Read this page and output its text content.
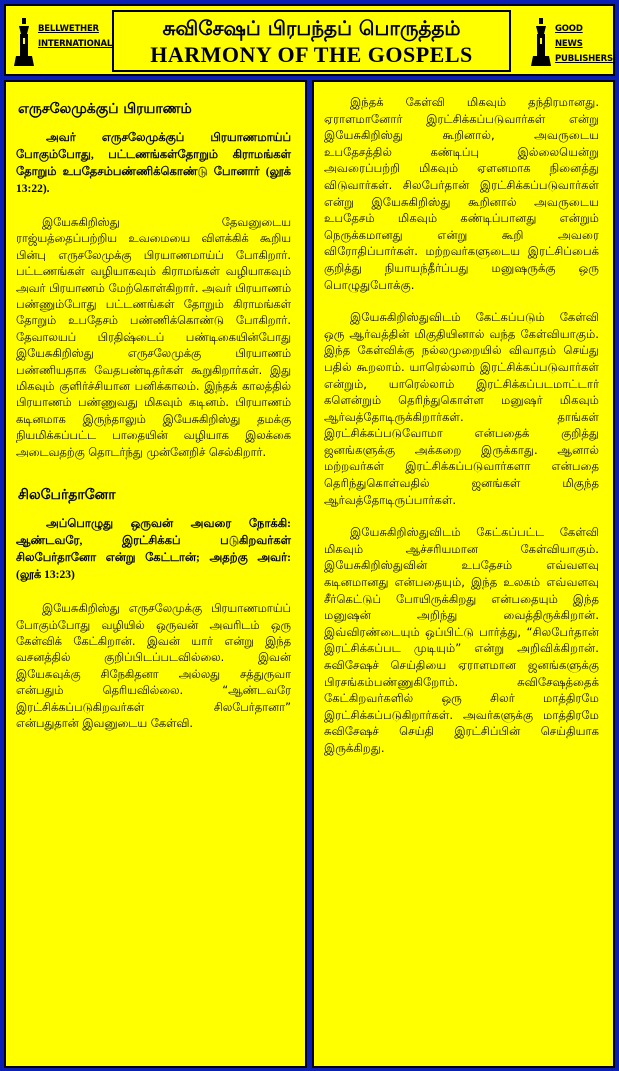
BELLWETHER
INTERNATIONAL
சுவிசேஷப் பிரபந்தப் பொருத்தம்
HARMONY OF THE GOSPELS
GOOD NEWS
PUBLISHERS
எருசலேமுக்குப் பிரயாணம்

அவர் எருசலேமுக்குப் பிரயாணமாய்ப் போகும்போது, பட்டணங்கள்தோறும் கிராமங்கள் தோறும் உபதேசம்பண்ணிக்கொண்டு போனார் (லூக் 13:22).

இயேசுகிறிஸ்து தேவனுடைய ராஜ்யத்தைப்பற்றிய உவமையை விளக்கிக் கூறிய பின்பு எருசலேமுக்கு பிரயாணமாய்ப் போகிறார். பட்டணங்கள் வழியாகவும் கிராமங்கள் வழியாகவும் அவர் பிரயாணம் மேற்கொள்கிறார். அவர் பிரயாணம் பண்ணும்போது பட்டணங்கள் தோறும் கிராமங்கள் தோறும் உபதேசம் பண்ணிக்கொண்டு போகிறார். தேவாலயப் பிரதிஷ்டைப் பண்டிகையின்போது இயேசுகிறிஸ்து எருசலேமுக்கு பிரயாணம் பண்ணியதாக வேதபண்டிதர்கள் கூறுகிறார்கள். இது மிகவும் குளிர்ச்சியான பனிக்காலம். இந்தக் காலத்தில் பிரயாணம் பண்ணுவது மிகவும் கடினம். பிரயாணம் கடினமாக இருந்தாலும் இயேசுகிறிஸ்து தமக்கு நியமிக்கப்பட்ட பாதையின் வழியாக இலக்கை அடைவதற்கு தொடர்ந்து முன்னேறிச் செல்கிறார்.

சிலபேர்தானோ

அப்பொழுது ஒருவன் அவரை நோக்கி: ஆண்டவரே, இரட்சிக்கப் படுகிறவர்கள் சிலபேர்தானோ என்று கேட்டான்; அதற்கு அவர்: (லூக் 13:23)

இயேசுகிறிஸ்து எருசலேமுக்கு பிரயாணமாய்ப் போகும்போது வழியில் ஒருவன் அவரிடம் ஒரு கேள்விக் கேட்கிறான். இவன் யார் என்று இந்த வசனத்தில் குறிப்பிடப்படவில்லை. இவன் இயேசுவுக்கு சிநேகிதனா அல்லது சத்துருவா என்பதும் தெரியவில்லை. “ஆண்டவரே இரட்சிக்கப்படுகிறவர்கள் சிலபேர்தானா” என்பதுதான் இவனுடைய கேள்வி.

இந்தக் கேள்வி மிகவும் தந்திரமானது. ஏராளமானோர் இரட்சிக்கப்படுவார்கள் என்று இயேசுகிறிஸ்து கூறினால், அவருடைய உபதேசத்தில் கண்டிப்பு இல்லையென்று அவரைப்பற்றி மிகவும் ஏளனமாக நினைத்து விடுவார்கள். சிலபேர்தான் இரட்சிக்கப்படுவார்கள் என்று இயேசுகிறிஸ்து கூறினால் அவருடைய உபதேசம் மிகவும் கண்டிப்பானது என்றும் நெருக்கமானது என்று கூறி அவரை விரோதிப்பார்கள். மற்றவர்களுடைய இரட்சிப்பைக் குறித்து நியாயந்தீர்ப்பது மனுஷருக்கு ஒரு பொழுதுபோக்கு.

இயேசுகிறிஸ்துவிடம் கேட்கப்படும் கேள்வி ஒரு ஆர்வத்தின் மிகுதியினால் வந்த கேள்வியாகும். இந்த கேள்விக்கு நல்லமுறையில் விவாதம் செய்து பதில் கூறலாம். யாரெல்லாம் இரட்சிக்கப்படுவார்கள் என்றும், யாரெல்லாம் இரட்சிக்கப்படமாட்டார் களென்றும் தெரிந்துகொள்ள மனுஷர் மிகவும் ஆர்வத்தோடிருக்கிறார்கள். தாங்கள் இரட்சிக்கப்படுவோமா என்பதைக் குறித்து ஜனங்களுக்கு அக்கறை இருக்காது. ஆனால் மற்றவர்கள் இரட்சிக்கப்படுவார்களா என்பதை தெரிந்துகொள்வதில் ஜனங்கள் மிகுந்த ஆர்வத்தோடிருப்பார்கள்.

இயேசுகிறிஸ்துவிடம் கேட்கப்பட்ட கேள்வி மிகவும் ஆச்சரியமான கேள்வியாகும். இயேசுகிறிஸ்துவின் உபதேசம் எவ்வளவு கடினமானது என்பதையும், இந்த உலகம் எவ்வளவு சீர்கெட்டுப் போயிருக்கிறது என்பதையும் இந்த மனுஷன் அறிந்து வைத்திருக்கிறான். இவ்விரண்டையும் ஒப்பிட்டு பார்த்து, “சிலபேர்தான் இரட்சிக்கப்பட முடியும்” என்று அறிவிக்கிறான். சுவிசேஷச் செய்தியை ஏராளமான ஜனங்களுக்கு பிரசங்கம்பண்ணுகிறோம். சுவிசேஷத்தைக் கேட்கிறவர்களில் ஒரு சிலர் மாத்திரமே இரட்சிக்கப்படுகிறார்கள். அவர்களுக்கு மாத்திரமே சுவிசேஷச் செய்தி இரட்சிப்பின் செய்தியாக இருக்கிறது.
